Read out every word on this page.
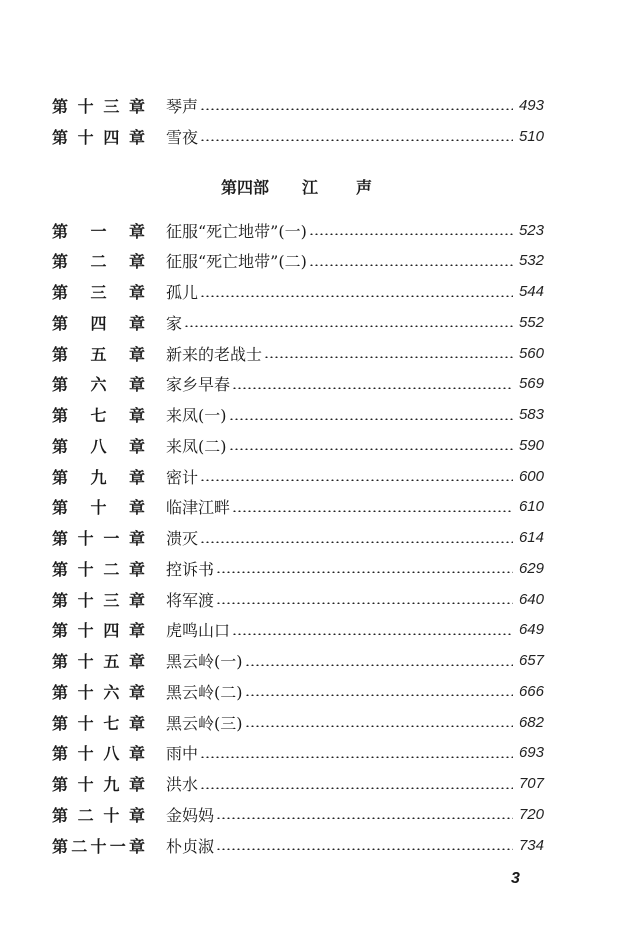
第十三章 琴声	493
第十四章 雪夜	510
第一章 征服“死亡地带”(一)	523
第二章 征服“死亡地带”(二)	532
第三章 孤儿	544
第四章 家	552
第五章 新来的老战士	560
第六章 家乡早春	569
第七章 来凤(一)	583
第八章 来凤(二)	590
第九章 密计	600
第十章 临津江畔	610
第十一章 溃灭	614
第十二章 控诉书	629
第十三章 将军渡	640
第十四章 虎鸣山口	649
第十五章 黑云岭(一)	657
第十六章 黑云岭(二)	666
第十七章 黑云岭(三)	682
第十八章 雨中	693
第十九章 洪水	707
第二十章 金妈妈	720
第二十一章 朴贞淑	734
第四部 江 声
3
